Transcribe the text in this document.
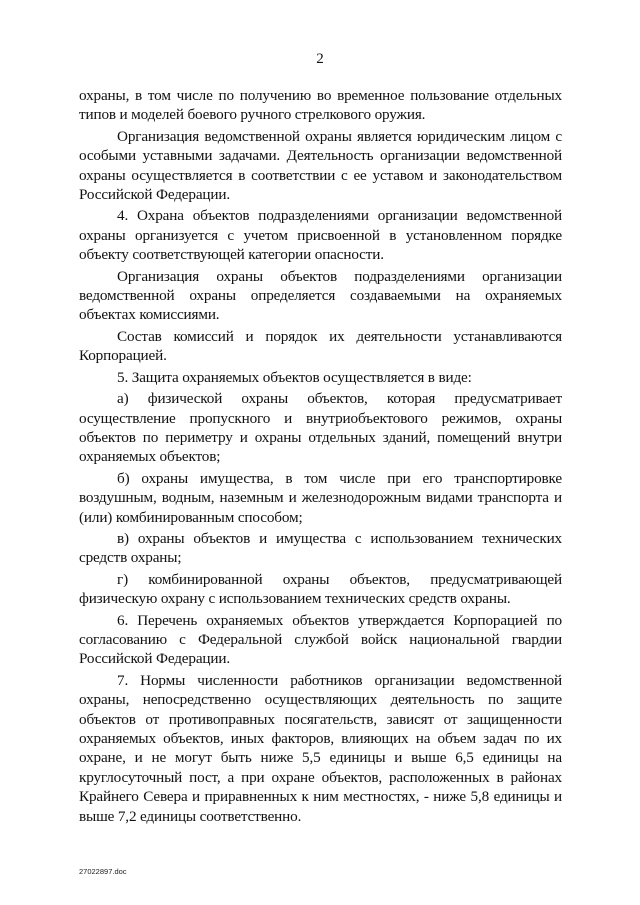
2

охраны, в том числе по получению во временное пользование отдельных типов и моделей боевого ручного стрелкового оружия.

Организация ведомственной охраны является юридическим лицом с особыми уставными задачами. Деятельность организации ведомственной охраны осуществляется в соответствии с ее уставом и законодательством Российской Федерации.

4. Охрана объектов подразделениями организации ведомственной охраны организуется с учетом присвоенной в установленном порядке объекту соответствующей категории опасности.

Организация охраны объектов подразделениями организации ведомственной охраны определяется создаваемыми на охраняемых объектах комиссиями.

Состав комиссий и порядок их деятельности устанавливаются Корпорацией.

5. Защита охраняемых объектов осуществляется в виде:

а) физической охраны объектов, которая предусматривает осуществление пропускного и внутриобъектового режимов, охраны объектов по периметру и охраны отдельных зданий, помещений внутри охраняемых объектов;

б) охраны имущества, в том числе при его транспортировке воздушным, водным, наземным и железнодорожным видами транспорта и (или) комбинированным способом;

в) охраны объектов и имущества с использованием технических средств охраны;

г) комбинированной охраны объектов, предусматривающей физическую охрану с использованием технических средств охраны.

6. Перечень охраняемых объектов утверждается Корпорацией по согласованию с Федеральной службой войск национальной гвардии Российской Федерации.

7. Нормы численности работников организации ведомственной охраны, непосредственно осуществляющих деятельность по защите объектов от противоправных посягательств, зависят от защищенности охраняемых объектов, иных факторов, влияющих на объем задач по их охране, и не могут быть ниже 5,5 единицы и выше 6,5 единицы на круглосуточный пост, а при охране объектов, расположенных в районах Крайнего Севера и приравненных к ним местностях, - ниже 5,8 единицы и выше 7,2 единицы соответственно.

27022897.doc
